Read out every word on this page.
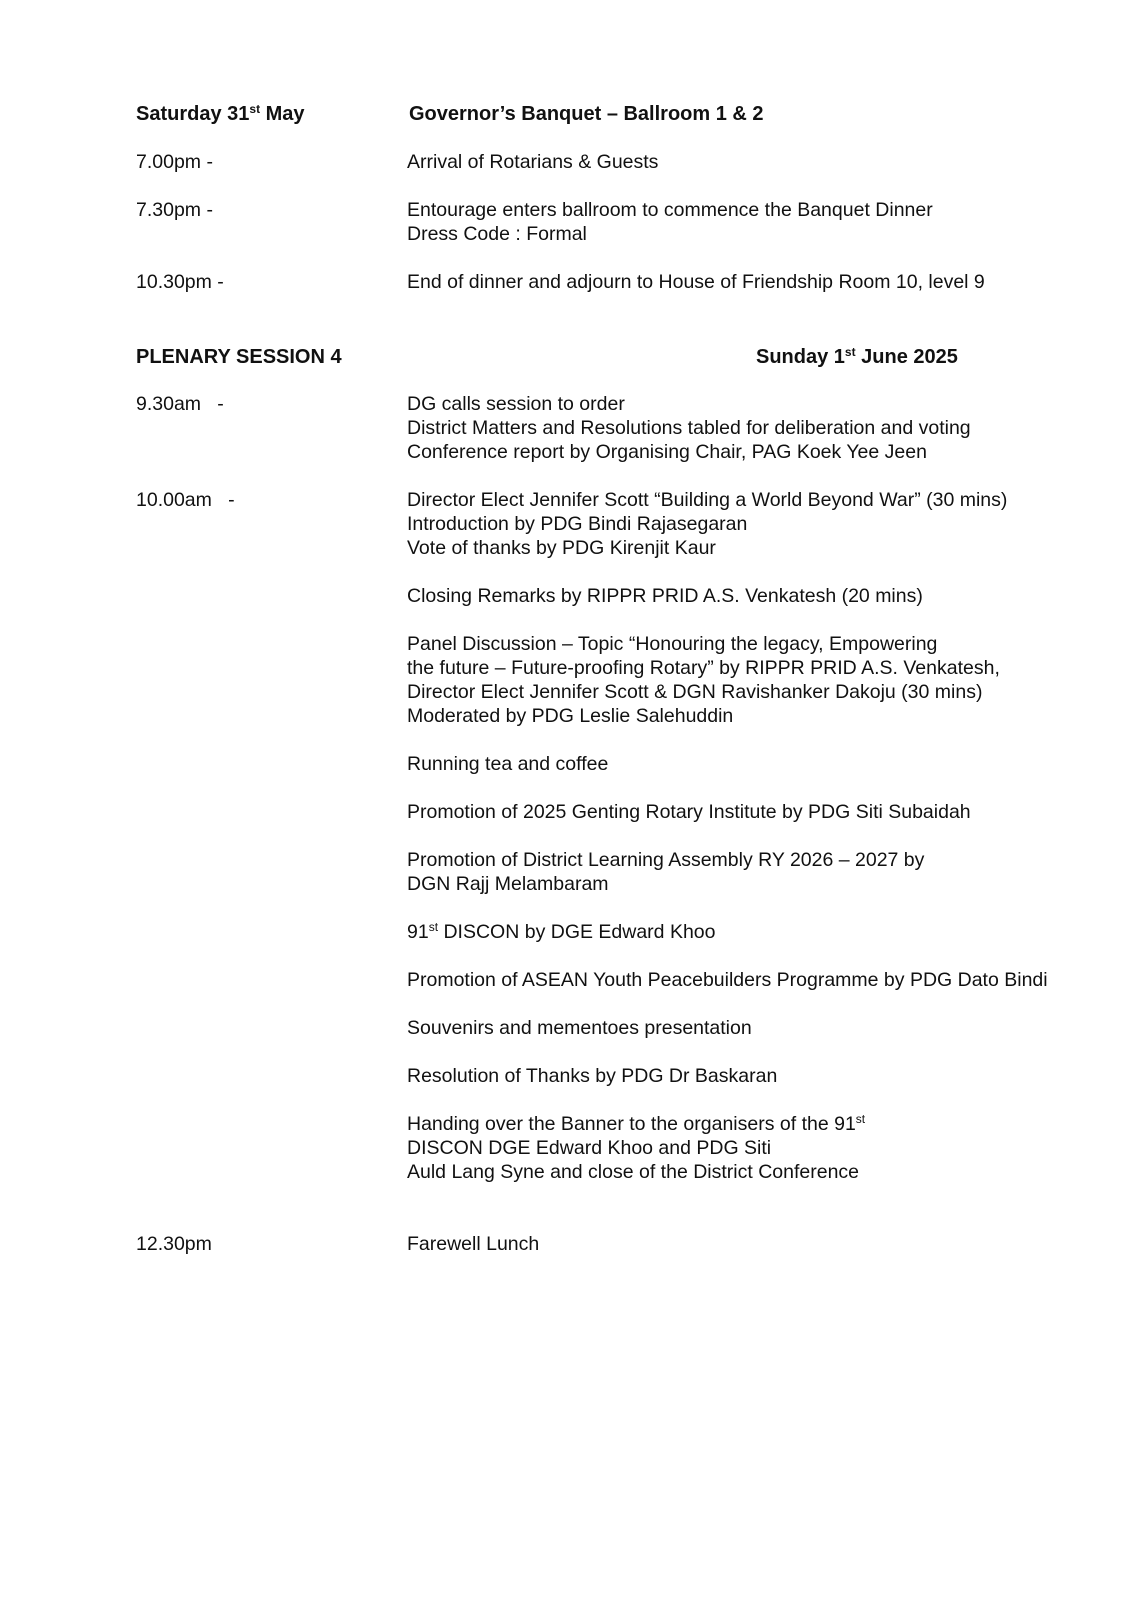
Saturday 31st May	Governor’s Banquet – Ballroom 1 & 2
7.00pm -	Arrival of Rotarians & Guests
7.30pm -	Entourage enters ballroom to commence the Banquet Dinner
Dress Code : Formal
10.30pm -	End of dinner and adjourn to House of Friendship Room 10, level 9
PLENARY SESSION 4	Sunday 1st June 2025
9.30am   -	DG calls session to order
District Matters and Resolutions tabled for deliberation and voting
Conference report by Organising Chair, PAG Koek Yee Jeen
10.00am   -	Director Elect Jennifer Scott “Building a World Beyond War” (30 mins)
Introduction by PDG Bindi Rajasegaran
Vote of thanks by PDG Kirenjit Kaur
Closing Remarks by RIPPR PRID A.S. Venkatesh (20 mins)
Panel Discussion – Topic “Honouring the legacy, Empowering
the future – Future-proofing Rotary” by RIPPR PRID A.S. Venkatesh,
Director Elect Jennifer Scott & DGN Ravishanker Dakoju (30 mins)
Moderated by PDG Leslie Salehuddin
Running tea and coffee
Promotion of 2025 Genting Rotary Institute by PDG Siti Subaidah
Promotion of District Learning Assembly RY 2026 – 2027 by
DGN Rajj Melambaram
91st DISCON by DGE Edward Khoo
Promotion of ASEAN Youth Peacebuilders Programme by PDG Dato Bindi
Souvenirs and mementoes presentation
Resolution of Thanks by PDG Dr Baskaran
Handing over the Banner to the organisers of the 91st
DISCON DGE Edward Khoo and PDG Siti
Auld Lang Syne and close of the District Conference
12.30pm	Farewell Lunch
